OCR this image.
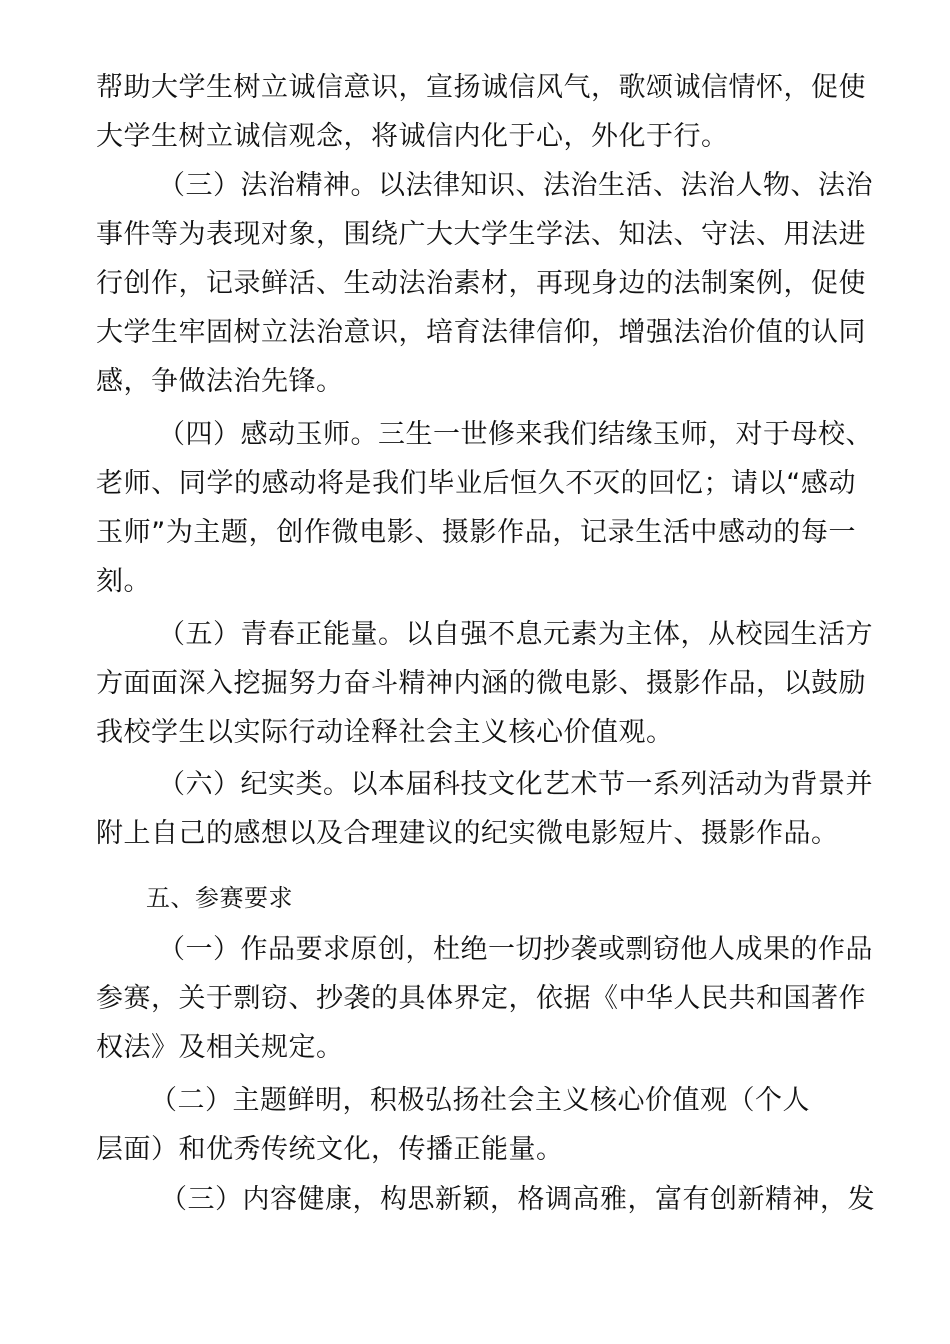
帮助大学生树立诚信意识，宣扬诚信风气，歌颂诚信情怀，促使
大学生树立诚信观念，将诚信内化于心，外化于行。
（三）法治精神。以法律知识、法治生活、法治人物、法治
事件等为表现对象，围绕广大大学生学法、知法、守法、用法进
行创作，记录鲜活、生动法治素材，再现身边的法制案例，促使
大学生牢固树立法治意识，培育法律信仰，增强法治价值的认同
感，争做法治先锋。
（四）感动玉师。三生一世修来我们结缘玉师，对于母校、
老师、同学的感动将是我们毕业后恒久不灭的回忆；请以“感动
玉师”为主题，创作微电影、摄影作品，记录生活中感动的每一
刻。
（五）青春正能量。以自强不息元素为主体，从校园生活方
方面面深入挖掘努力奋斗精神内涵的微电影、摄影作品，以鼓励
我校学生以实际行动诠释社会主义核心价值观。
（六）纪实类。以本届科技文化艺术节一系列活动为背景并
附上自己的感想以及合理建议的纪实微电影短片、摄影作品。
五、参赛要求
（一）作品要求原创，杜绝一切抄袭或剽窃他人成果的作品
参赛，关于剽窃、抄袭的具体界定，依据《中华人民共和国著作
权法》及相关规定。
（二）主题鲜明，积极弘扬社会主义核心价值观（个人
层面）和优秀传统文化，传播正能量。
（三）内容健康，构思新颖，格调高雅，富有创新精神，发
